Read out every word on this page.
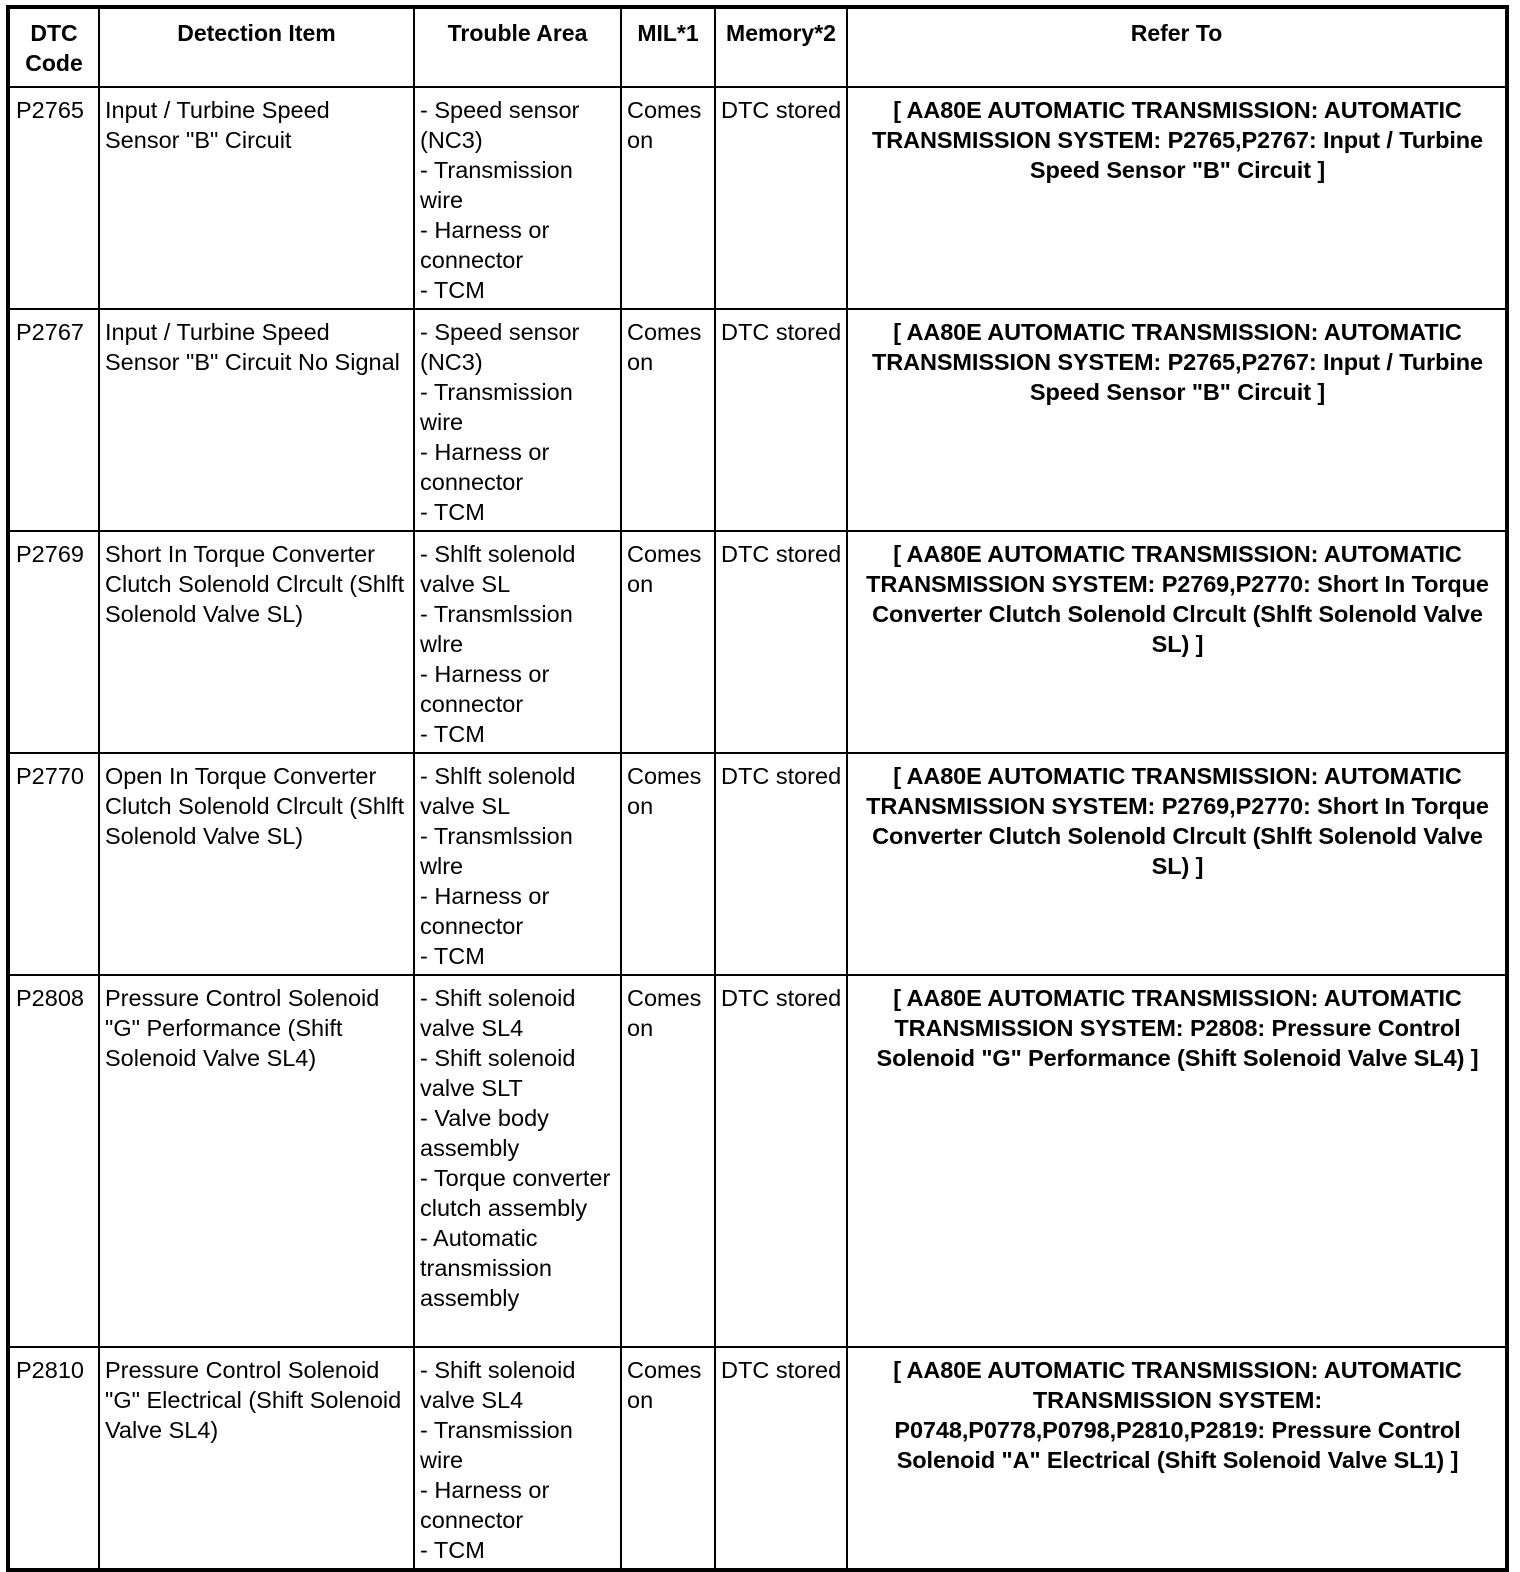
DTC Code	Detection Item	Trouble Area	MIL*1	Memory*2	Refer To
P2765	Input / Turbine Speed Sensor "B" Circuit	- Speed sensor (NC3)
- Transmission wire
- Harness or connector
- TCM	Comes on	DTC stored	[ AA80E AUTOMATIC TRANSMISSION: AUTOMATIC TRANSMISSION SYSTEM: P2765,P2767: Input / Turbine Speed Sensor "B" Circuit ]

P2767	Input / Turbine Speed Sensor "B" Circuit No Signal	- Speed sensor (NC3)
- Transmission wire
- Harness or connector
- TCM	Comes on	DTC stored	[ AA80E AUTOMATIC TRANSMISSION: AUTOMATIC TRANSMISSION SYSTEM: P2765,P2767: Input / Turbine Speed Sensor "B" Circuit ]

P2769	Short In Torque Converter Clutch Solenold Clrcult (Shlft Solenold Valve SL)	- Shlft solenold valve SL
- Transmlssion wlre
- Harness or connector
- TCM	Comes on	DTC stored	[ AA80E AUTOMATIC TRANSMISSION: AUTOMATIC TRANSMISSION SYSTEM: P2769,P2770: Short In Torque Converter Clutch Solenold Clrcult (Shlft Solenold Valve SL) ]

P2770	Open In Torque Converter Clutch Solenold Clrcult (Shlft Solenold Valve SL)	- Shlft solenold valve SL
- Transmlssion wlre
- Harness or connector
- TCM	Comes on	DTC stored	[ AA80E AUTOMATIC TRANSMISSION: AUTOMATIC TRANSMISSION SYSTEM: P2769,P2770: Short In Torque Converter Clutch Solenold Clrcult (Shlft Solenold Valve SL) ]

P2808	Pressure Control Solenoid "G" Performance (Shift Solenoid Valve SL4)	- Shift solenoid valve SL4
- Shift solenoid valve SLT
- Valve body assembly
- Torque converter clutch assembly
- Automatic transmission assembly	Comes on	DTC stored	[ AA80E AUTOMATIC TRANSMISSION: AUTOMATIC TRANSMISSION SYSTEM: P2808: Pressure Control Solenoid "G" Performance (Shift Solenoid Valve SL4) ]

P2810	Pressure Control Solenoid "G" Electrical (Shift Solenoid Valve SL4)	- Shift solenoid valve SL4
- Transmission wire
- Harness or connector
- TCM	Comes on	DTC stored	[ AA80E AUTOMATIC TRANSMISSION: AUTOMATIC TRANSMISSION SYSTEM: P0748,P0778,P0798,P2810,P2819: Pressure Control Solenoid "A" Electrical (Shift Solenoid Valve SL1) ]
